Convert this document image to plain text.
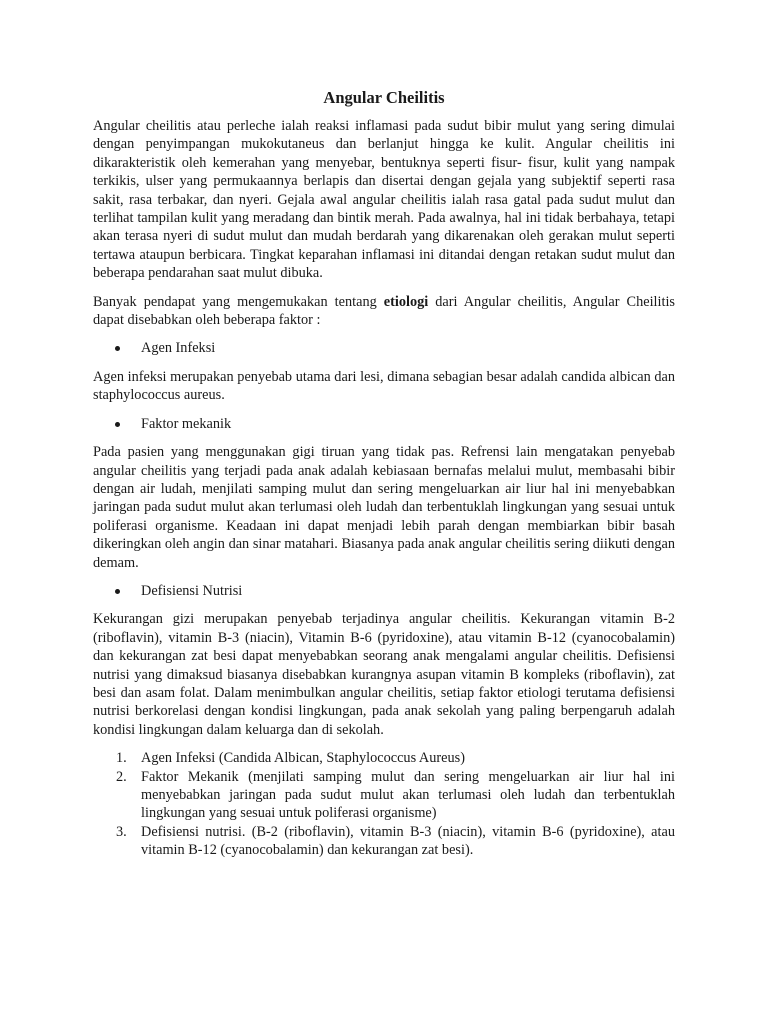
Angular Cheilitis

Angular cheilitis atau perleche ialah reaksi inflamasi pada sudut bibir mulut yang sering dimulai dengan penyimpangan mukokutaneus dan berlanjut hingga ke kulit. Angular cheilitis ini dikarakteristik oleh kemerahan yang menyebar, bentuknya seperti fisur- fisur, kulit yang nampak terkikis, ulser yang permukaannya berlapis dan disertai dengan gejala yang subjektif seperti rasa sakit, rasa terbakar, dan nyeri. Gejala awal angular cheilitis ialah rasa gatal pada sudut mulut dan terlihat tampilan kulit yang meradang dan bintik merah. Pada awalnya, hal ini tidak berbahaya, tetapi akan terasa nyeri di sudut mulut dan mudah berdarah yang dikarenakan oleh gerakan mulut seperti tertawa ataupun berbicara. Tingkat keparahan inflamasi ini ditandai dengan retakan sudut mulut dan beberapa pendarahan saat mulut dibuka.

Banyak pendapat yang mengemukakan tentang etiologi dari Angular cheilitis, Angular Cheilitis dapat disebabkan oleh beberapa faktor :

Agen Infeksi

Agen infeksi merupakan penyebab utama dari lesi, dimana sebagian besar adalah candida albican dan staphylococcus aureus.

Faktor mekanik

Pada pasien yang menggunakan gigi tiruan yang tidak pas. Refrensi lain mengatakan penyebab angular cheilitis yang terjadi pada anak adalah kebiasaan bernafas melalui mulut, membasahi bibir dengan air ludah, menjilati samping mulut dan sering mengeluarkan air liur hal ini menyebabkan jaringan pada sudut mulut akan terlumasi oleh ludah dan terbentuklah lingkungan yang sesuai untuk poliferasi organisme. Keadaan ini dapat menjadi lebih parah dengan membiarkan bibir basah dikeringkan oleh angin dan sinar matahari. Biasanya pada anak angular cheilitis sering diikuti dengan demam.

Defisiensi Nutrisi

Kekurangan gizi merupakan penyebab terjadinya angular cheilitis. Kekurangan vitamin B-2 (riboflavin), vitamin B-3 (niacin), Vitamin B-6 (pyridoxine), atau vitamin B-12 (cyanocobalamin) dan kekurangan zat besi dapat menyebabkan seorang anak mengalami angular cheilitis. Defisiensi nutrisi yang dimaksud biasanya disebabkan kurangnya asupan vitamin B kompleks (riboflavin), zat besi dan asam folat. Dalam menimbulkan angular cheilitis, setiap faktor etiologi terutama defisiensi nutrisi berkorelasi dengan kondisi lingkungan, pada anak sekolah yang paling berpengaruh adalah kondisi lingkungan dalam keluarga dan di sekolah.

1. Agen Infeksi (Candida Albican, Staphylococcus Aureus)
2. Faktor Mekanik (menjilati samping mulut dan sering mengeluarkan air liur hal ini menyebabkan jaringan pada sudut mulut akan terlumasi oleh ludah dan terbentuklah lingkungan yang sesuai untuk poliferasi organisme)
3. Defisiensi nutrisi. (B-2 (riboflavin), vitamin B-3 (niacin), vitamin B-6 (pyridoxine), atau vitamin B-12 (cyanocobalamin) dan kekurangan zat besi).
